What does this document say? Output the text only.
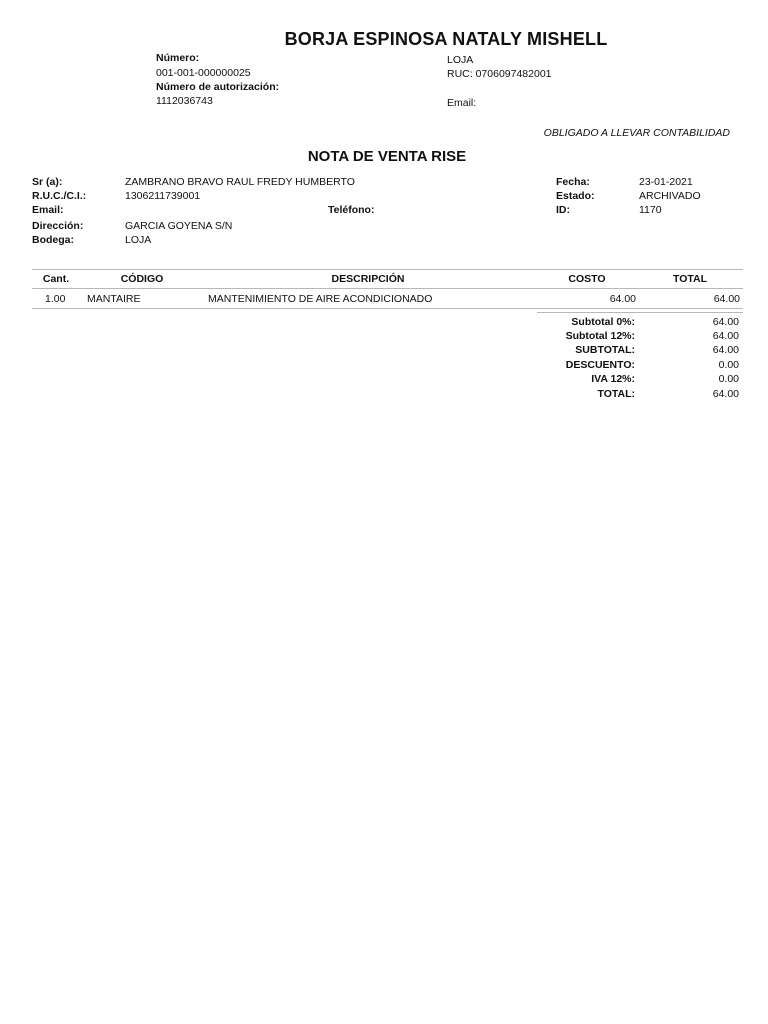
BORJA ESPINOSA NATALY MISHELL
Número:
001-001-000000025
Número de autorización:
1112036743
LOJA
RUC: 0706097482001
Email:
OBLIGADO A LLEVAR CONTABILIDAD
NOTA DE VENTA RISE
Sr (a):	ZAMBRANO BRAVO RAUL FREDY HUMBERTO
R.U.C./C.I.:	1306211739001
Email:	Teléfono:
Dirección:	GARCIA GOYENA S/N
Bodega:	LOJA
Fecha:	23-01-2021
Estado:	ARCHIVADO
ID:	1170
Cant.	CÓDIGO	DESCRIPCIÓN	COSTO	TOTAL
1.00 MANTAIRE	MANTENIMIENTO DE AIRE ACONDICIONADO	64.00	64.00
Subtotal 0%:	64.00
Subtotal 12%:	64.00
SUBTOTAL:	64.00
DESCUENTO:	0.00
IVA 12%:	0.00
TOTAL:	64.00
